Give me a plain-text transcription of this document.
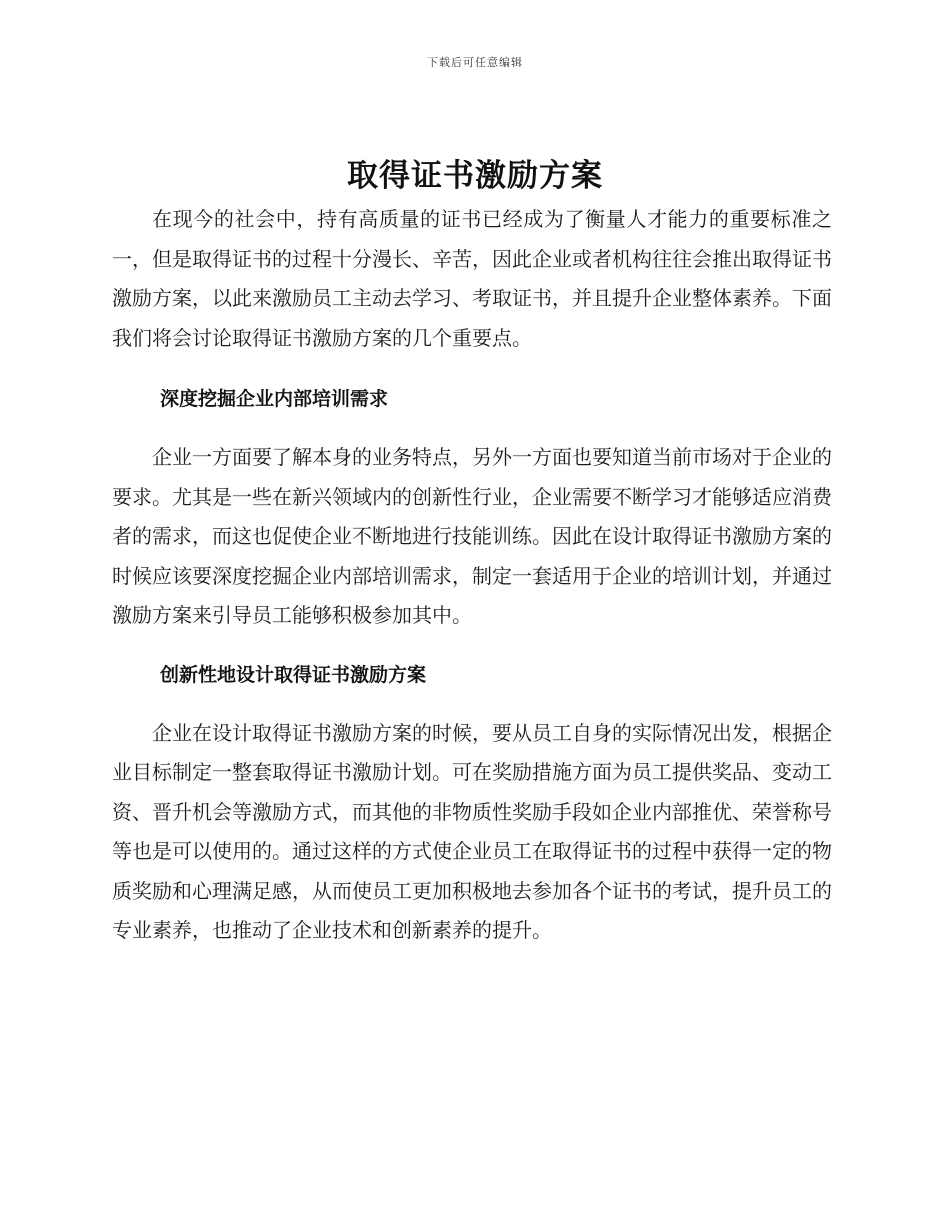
下载后可任意编辑
取得证书激励方案

在现今的社会中，持有高质量的证书已经成为了衡量人才能力的重要标准之一，但是取得证书的过程十分漫长、辛苦，因此企业或者机构往往会推出取得证书激励方案，以此来激励员工主动去学习、考取证书，并且提升企业整体素养。下面我们将会讨论取得证书激励方案的几个重要点。

深度挖掘企业内部培训需求

企业一方面要了解本身的业务特点，另外一方面也要知道当前市场对于企业的要求。尤其是一些在新兴领域内的创新性行业，企业需要不断学习才能够适应消费者的需求，而这也促使企业不断地进行技能训练。因此在设计取得证书激励方案的时候应该要深度挖掘企业内部培训需求，制定一套适用于企业的培训计划，并通过激励方案来引导员工能够积极参加其中。

创新性地设计取得证书激励方案

企业在设计取得证书激励方案的时候，要从员工自身的实际情况出发，根据企业目标制定一整套取得证书激励计划。可在奖励措施方面为员工提供奖品、变动工资、晋升机会等激励方式，而其他的非物质性奖励手段如企业内部推优、荣誉称号等也是可以使用的。通过这样的方式使企业员工在取得证书的过程中获得一定的物质奖励和心理满足感，从而使员工更加积极地去参加各个证书的考试，提升员工的专业素养，也推动了企业技术和创新素养的提升。
